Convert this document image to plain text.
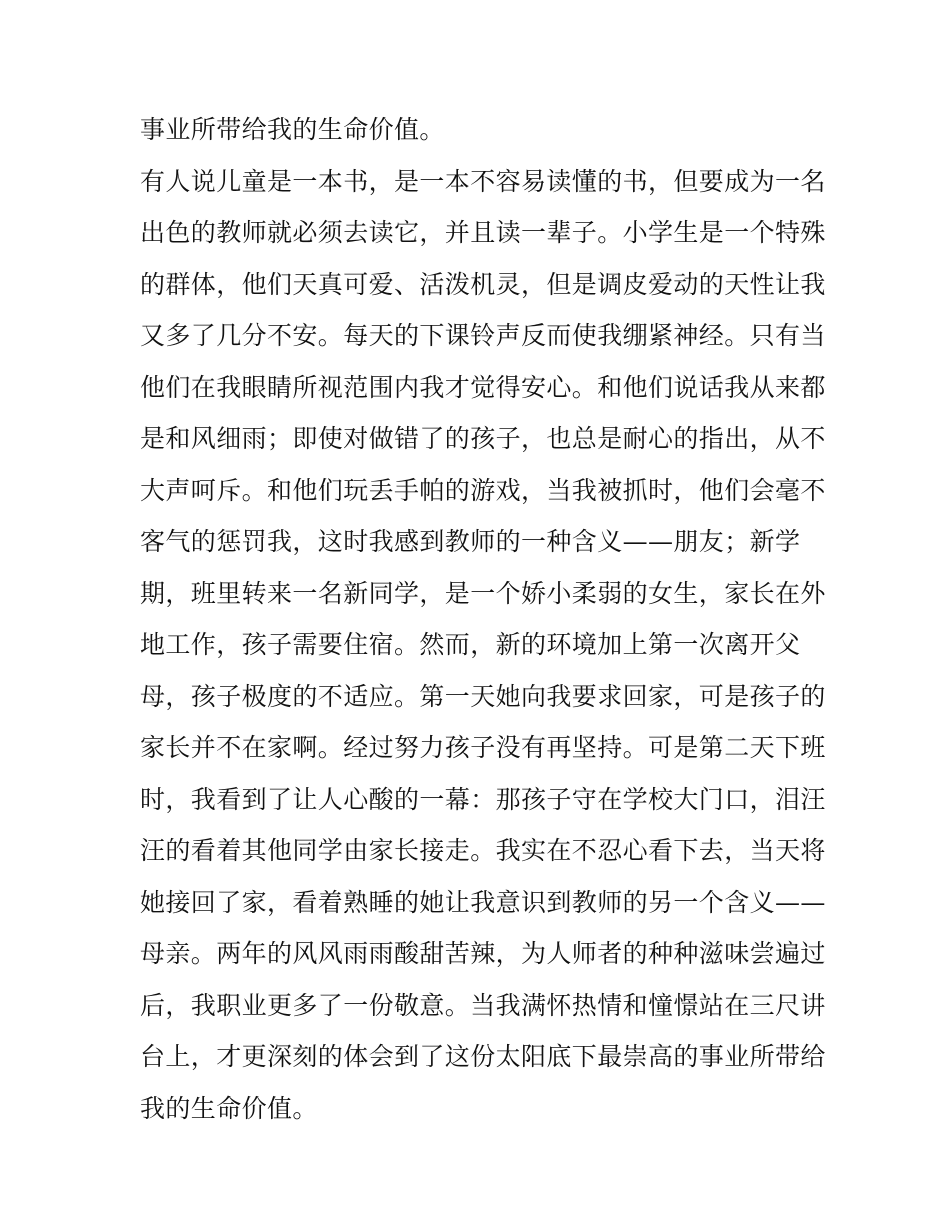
事业所带给我的生命价值。
有人说儿童是一本书，是一本不容易读懂的书，但要成为一名
出色的教师就必须去读它，并且读一辈子。小学生是一个特殊
的群体，他们天真可爱、活泼机灵，但是调皮爱动的天性让我
又多了几分不安。每天的下课铃声反而使我绷紧神经。只有当
他们在我眼睛所视范围内我才觉得安心。和他们说话我从来都
是和风细雨；即使对做错了的孩子，也总是耐心的指出，从不
大声呵斥。和他们玩丢手帕的游戏，当我被抓时，他们会毫不
客气的惩罚我，这时我感到教师的一种含义——朋友；新学
期，班里转来一名新同学，是一个娇小柔弱的女生，家长在外
地工作，孩子需要住宿。然而，新的环境加上第一次离开父
母，孩子极度的不适应。第一天她向我要求回家，可是孩子的
家长并不在家啊。经过努力孩子没有再坚持。可是第二天下班
时，我看到了让人心酸的一幕：那孩子守在学校大门口，泪汪
汪的看着其他同学由家长接走。我实在不忍心看下去，当天将
她接回了家，看着熟睡的她让我意识到教师的另一个含义——
母亲。两年的风风雨雨酸甜苦辣，为人师者的种种滋味尝遍过
后，我职业更多了一份敬意。当我满怀热情和憧憬站在三尺讲
台上，才更深刻的体会到了这份太阳底下最崇高的事业所带给
我的生命价值。
